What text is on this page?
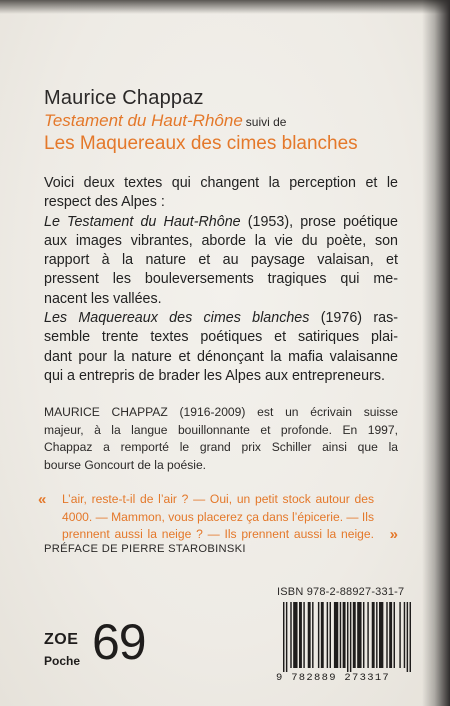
Maurice Chappaz
Testament du Haut-Rhône suivi de
Les Maquereaux des cimes blanches
Voici deux textes qui changent la perception et le
respect des Alpes :
Le Testament du Haut-Rhône (1953), prose poétique
aux images vibrantes, aborde la vie du poète, son
rapport à la nature et au paysage valaisan, et
pressent les bouleversements tragiques qui me-
nacent les vallées.
Les Maquereaux des cimes blanches (1976) ras-
semble trente textes poétiques et satiriques plai-
dant pour la nature et dénonçant la mafia valaisanne
qui a entrepris de brader les Alpes aux entrepreneurs.
MAURICE CHAPPAZ (1916-2009) est un écrivain suisse
majeur, à la langue bouillonnante et profonde. En 1997,
Chappaz a remporté le grand prix Schiller ainsi que la
bourse Goncourt de la poésie.
« L’air, reste-t-il de l’air ? — Oui, un petit stock autour des
4000. — Mammon, vous placerez ça dans l’épicerie. — Ils
prennent aussi la neige ? — Ils prennent aussi la neige. »
PRÉFACE DE PIERRE STAROBINSKI
ISBN 978-2-88927-331-7
ZOE
Poche 69
9 782889 273317
